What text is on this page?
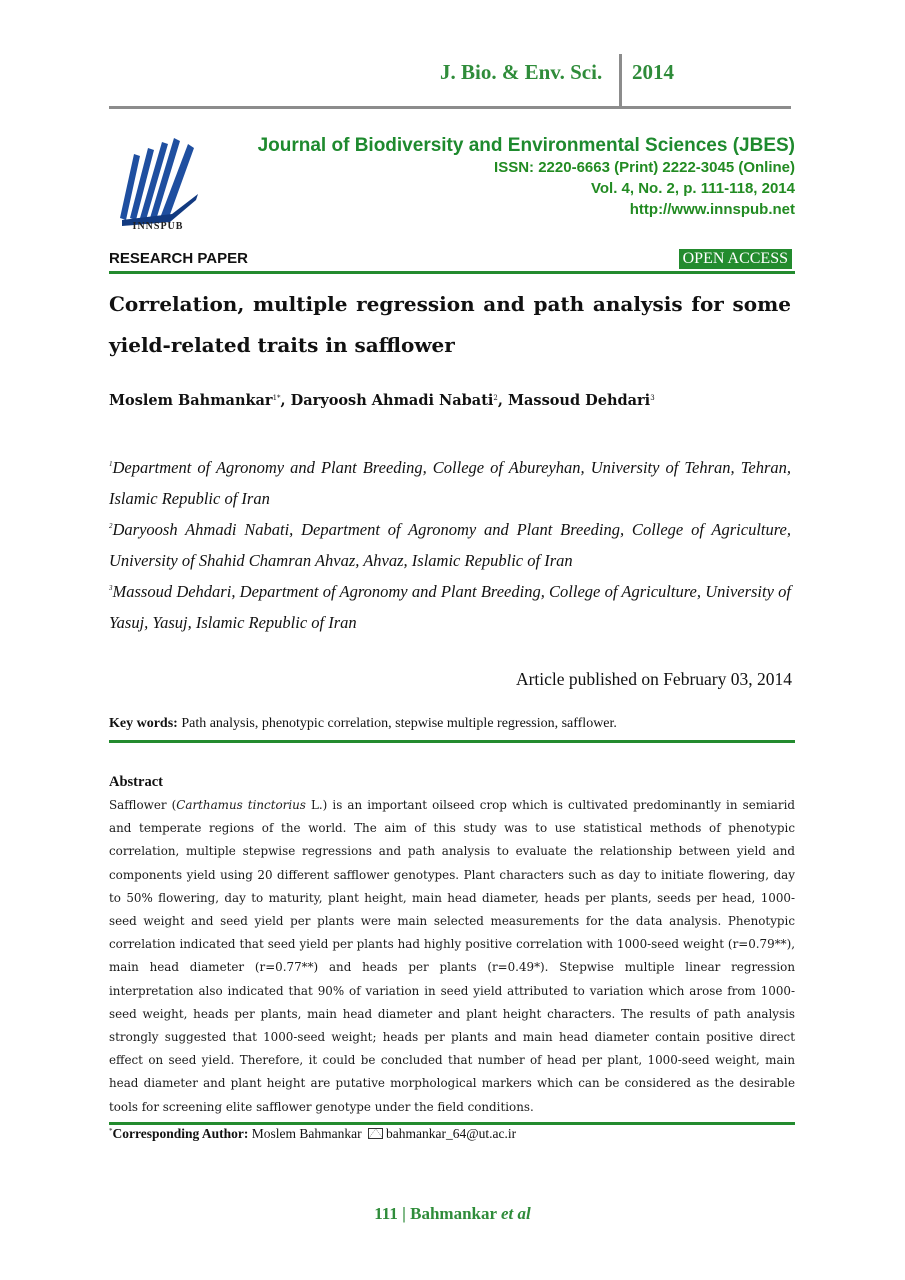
J. Bio. & Env. Sci. 2014
INNSPUB
Journal of Biodiversity and Environmental Sciences (JBES)
ISSN: 2220-6663 (Print) 2222-3045 (Online)
Vol. 4, No. 2, p. 111-118, 2014
http://www.innspub.net
RESEARCH PAPER	OPEN ACCESS
Correlation, multiple regression and path analysis for some yield-related traits in safflower
Moslem Bahmankar$^{1*}$, Daryoosh Ahmadi Nabati$^2$, Massoud Dehdari$^3$
$^1$Department of Agronomy and Plant Breeding, College of Abureyhan, University of Tehran, Tehran, Islamic Republic of Iran
$^2$Daryoosh Ahmadi Nabati, Department of Agronomy and Plant Breeding, College of Agriculture, University of Shahid Chamran Ahvaz, Ahvaz, Islamic Republic of Iran
$^3$Massoud Dehdari, Department of Agronomy and Plant Breeding, College of Agriculture, University of Yasuj, Yasuj, Islamic Republic of Iran
Article published on February 03, 2014
Key words: Path analysis, phenotypic correlation, stepwise multiple regression, safflower.
Abstract
Safflower (Carthamus tinctorius L.) is an important oilseed crop which is cultivated predominantly in semiarid and temperate regions of the world. The aim of this study was to use statistical methods of phenotypic correlation, multiple stepwise regressions and path analysis to evaluate the relationship between yield and components yield using 20 different safflower genotypes. Plant characters such as day to initiate flowering, day to 50% flowering, day to maturity, plant height, main head diameter, heads per plants, seeds per head, 1000-seed weight and seed yield per plants were main selected measurements for the data analysis. Phenotypic correlation indicated that seed yield per plants had highly positive correlation with 1000-seed weight (r=0.79**), main head diameter (r=0.77**) and heads per plants (r=0.49*). Stepwise multiple linear regression interpretation also indicated that 90% of variation in seed yield attributed to variation which arose from 1000-seed weight, heads per plants, main head diameter and plant height characters. The results of path analysis strongly suggested that 1000-seed weight; heads per plants and main head diameter contain positive direct effect on seed yield. Therefore, it could be concluded that number of head per plant, 1000-seed weight, main head diameter and plant height are putative morphological markers which can be considered as the desirable tools for screening elite safflower genotype under the field conditions.
*Corresponding Author: Moslem Bahmankar bahmankar_64@ut.ac.ir
111 | Bahmankar et al
